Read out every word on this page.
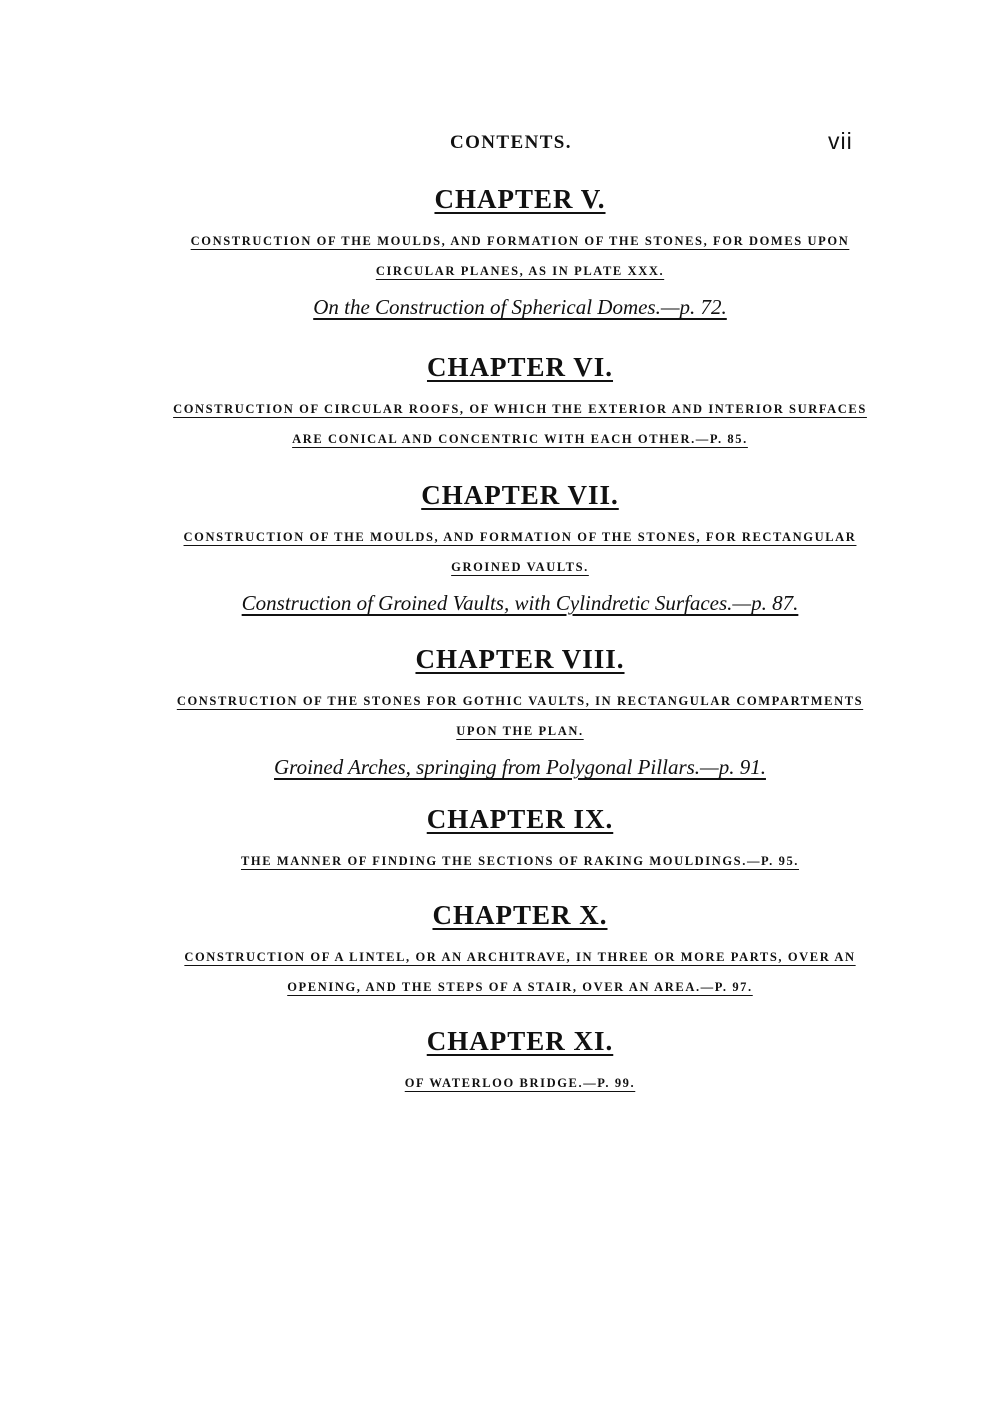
CONTENTS.	vii
CHAPTER V.

CONSTRUCTION OF THE MOULDS, AND FORMATION OF THE STONES, FOR DOMES UPON CIRCULAR PLANES, AS IN PLATE XXX.

On the Construction of Spherical Domes.—p. 72.
CHAPTER VI.

CONSTRUCTION OF CIRCULAR ROOFS, OF WHICH THE EXTERIOR AND INTERIOR SURFACES ARE CONICAL AND CONCENTRIC WITH EACH OTHER.—P. 85.

CHAPTER VII.

CONSTRUCTION OF THE MOULDS, AND FORMATION OF THE STONES, FOR RECTANGULAR GROINED VAULTS.

Construction of Groined Vaults, with Cylindretic Surfaces.—p. 87.
CHAPTER VIII.

CONSTRUCTION OF THE STONES FOR GOTHIC VAULTS, IN RECTANGULAR COMPARTMENTS UPON THE PLAN.

Groined Arches, springing from Polygonal Pillars.—p. 91.
CHAPTER IX.

THE MANNER OF FINDING THE SECTIONS OF RAKING MOULDINGS.—P. 95.

CHAPTER X.

CONSTRUCTION OF A LINTEL, OR AN ARCHITRAVE, IN THREE OR MORE PARTS, OVER AN OPENING, AND THE STEPS OF A STAIR, OVER AN AREA.—P. 97.

CHAPTER XI.

OF WATERLOO BRIDGE.—P. 99.
